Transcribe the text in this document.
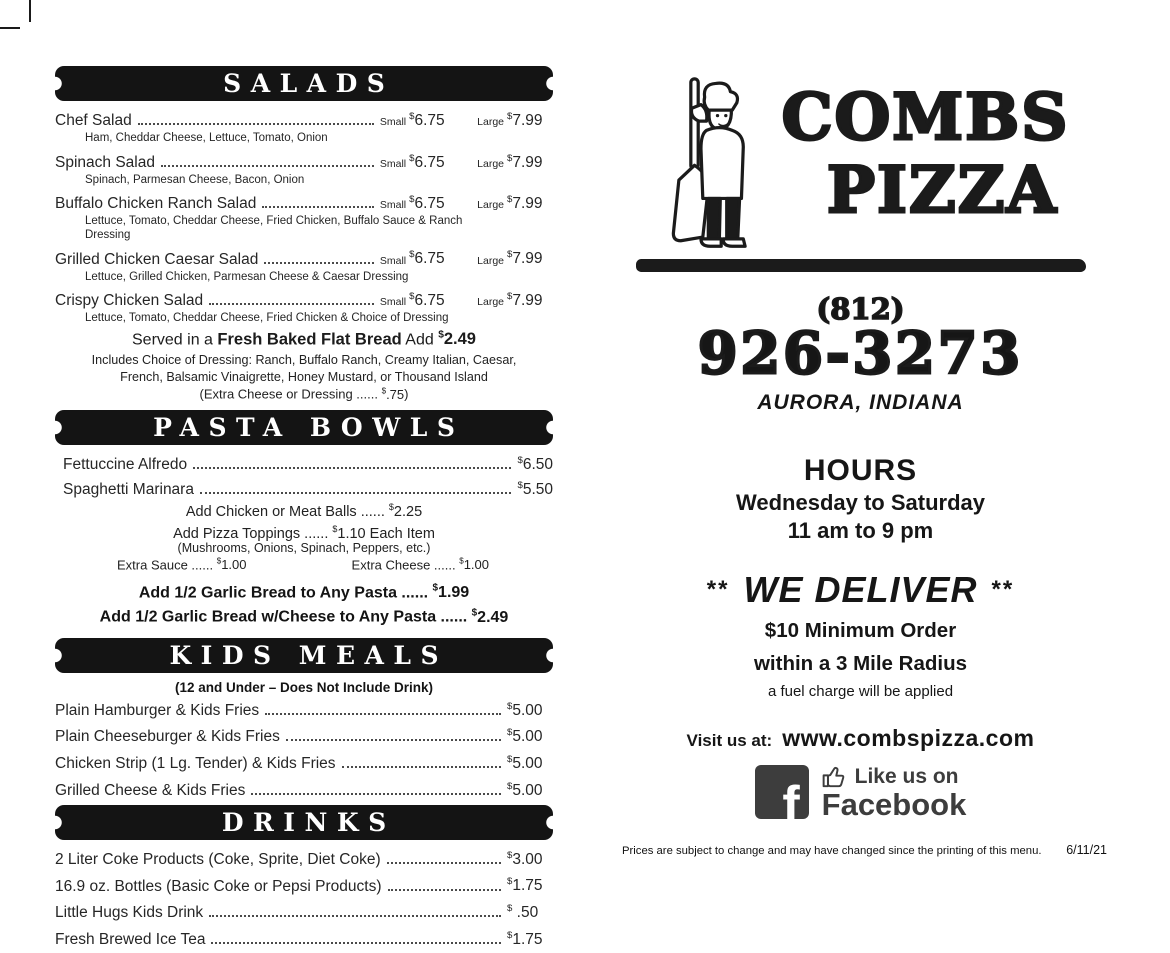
SALADS
Chef Salad	Small $6.75	Large $7.99
Ham, Cheddar Cheese, Lettuce, Tomato, Onion
Spinach Salad	Small $6.75	Large $7.99
Spinach, Parmesan Cheese, Bacon, Onion
Buffalo Chicken Ranch Salad	Small $6.75	Large $7.99
Lettuce, Tomato, Cheddar Cheese, Fried Chicken, Buffalo Sauce & Ranch Dressing
Grilled Chicken Caesar Salad	Small $6.75	Large $7.99
Lettuce, Grilled Chicken, Parmesan Cheese & Caesar Dressing
Crispy Chicken Salad	Small $6.75	Large $7.99
Lettuce, Tomato, Cheddar Cheese, Fried Chicken & Choice of Dressing
Served in a Fresh Baked Flat Bread Add $2.49
Includes Choice of Dressing: Ranch, Buffalo Ranch, Creamy Italian, Caesar,
French, Balsamic Vinaigrette, Honey Mustard, or Thousand Island
(Extra Cheese or Dressing ...... $.75)
PASTA BOWLS
Fettuccine Alfredo	$6.50
Spaghetti Marinara	$5.50
Add Chicken or Meat Balls ...... $2.25
Add Pizza Toppings ...... $1.10 Each Item
(Mushrooms, Onions, Spinach, Peppers, etc.)
Extra Sauce ...... $1.00	Extra Cheese ...... $1.00
Add 1/2 Garlic Bread to Any Pasta ...... $1.99
Add 1/2 Garlic Bread w/Cheese to Any Pasta ...... $2.49
KIDS MEALS
(12 and Under – Does Not Include Drink)
Plain Hamburger & Kids Fries	$5.00
Plain Cheeseburger & Kids Fries	$5.00
Chicken Strip (1 Lg. Tender) & Kids Fries	$5.00
Grilled Cheese & Kids Fries	$5.00
DRINKS
2 Liter Coke Products (Coke, Sprite, Diet Coke)	$3.00
16.9 oz. Bottles (Basic Coke or Pepsi Products)	$1.75
Little Hugs Kids Drink	$ .50
Fresh Brewed Ice Tea	$1.75
COMBS
PIZZA
(812)
926-3273
AURORA, INDIANA
HOURS
Wednesday to Saturday
11 am to 9 pm
** WE DELIVER **
$10 Minimum Order
within a 3 Mile Radius
a fuel charge will be applied
Visit us at: www.combspizza.com
f	Like us on
Facebook
Prices are subject to change and may have changed since the printing of this menu. 6/11/21
